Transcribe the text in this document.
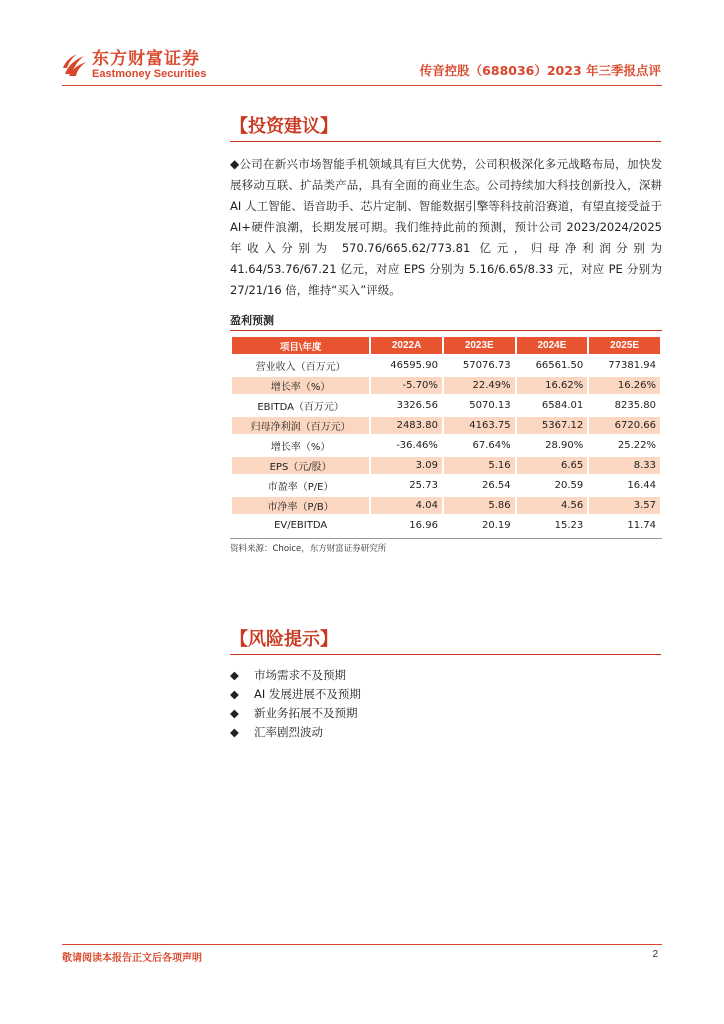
东方财富证券
Eastmoney Securities	传音控股（688036）2023 年三季报点评
【投资建议】
◆公司在新兴市场智能手机领域具有巨大优势，公司积极深化多元战略布局，加快发展移动互联、扩品类产品，具有全面的商业生态。公司持续加大科技创新投入，深耕 AI 人工智能、语音助手、芯片定制、智能数据引擎等科技前沿赛道，有望直接受益于 AI+硬件浪潮，长期发展可期。我们维持此前的预测，预计公司 2023/2024/2025 年收入分别为 570.76/665.62/773.81 亿元，归母净利润分别为 41.64/53.76/67.21 亿元，对应 EPS 分别为 5.16/6.65/8.33 元，对应 PE 分别为 27/21/16 倍，维持“买入”评级。
盈利预测
项目\年度	2022A	2023E	2024E	2025E
营业收入（百万元）	46595.90	57076.73	66561.50	77381.94
增长率（%）	-5.70%	22.49%	16.62%	16.26%
EBITDA（百万元）	3326.56	5070.13	6584.01	8235.80
归母净利润（百万元）	2483.80	4163.75	5367.12	6720.66
增长率（%）	-36.46%	67.64%	28.90%	25.22%
EPS（元/股）	3.09	5.16	6.65	8.33
市盈率（P/E）	25.73	26.54	20.59	16.44
市净率（P/B）	4.04	5.86	4.56	3.57
EV/EBITDA	16.96	20.19	15.23	11.74
资料来源：Choice，东方财富证券研究所
【风险提示】
◆	市场需求不及预期
◆	AI 发展进展不及预期
◆	新业务拓展不及预期
◆	汇率剧烈波动
敬请阅读本报告正文后各项声明	2
